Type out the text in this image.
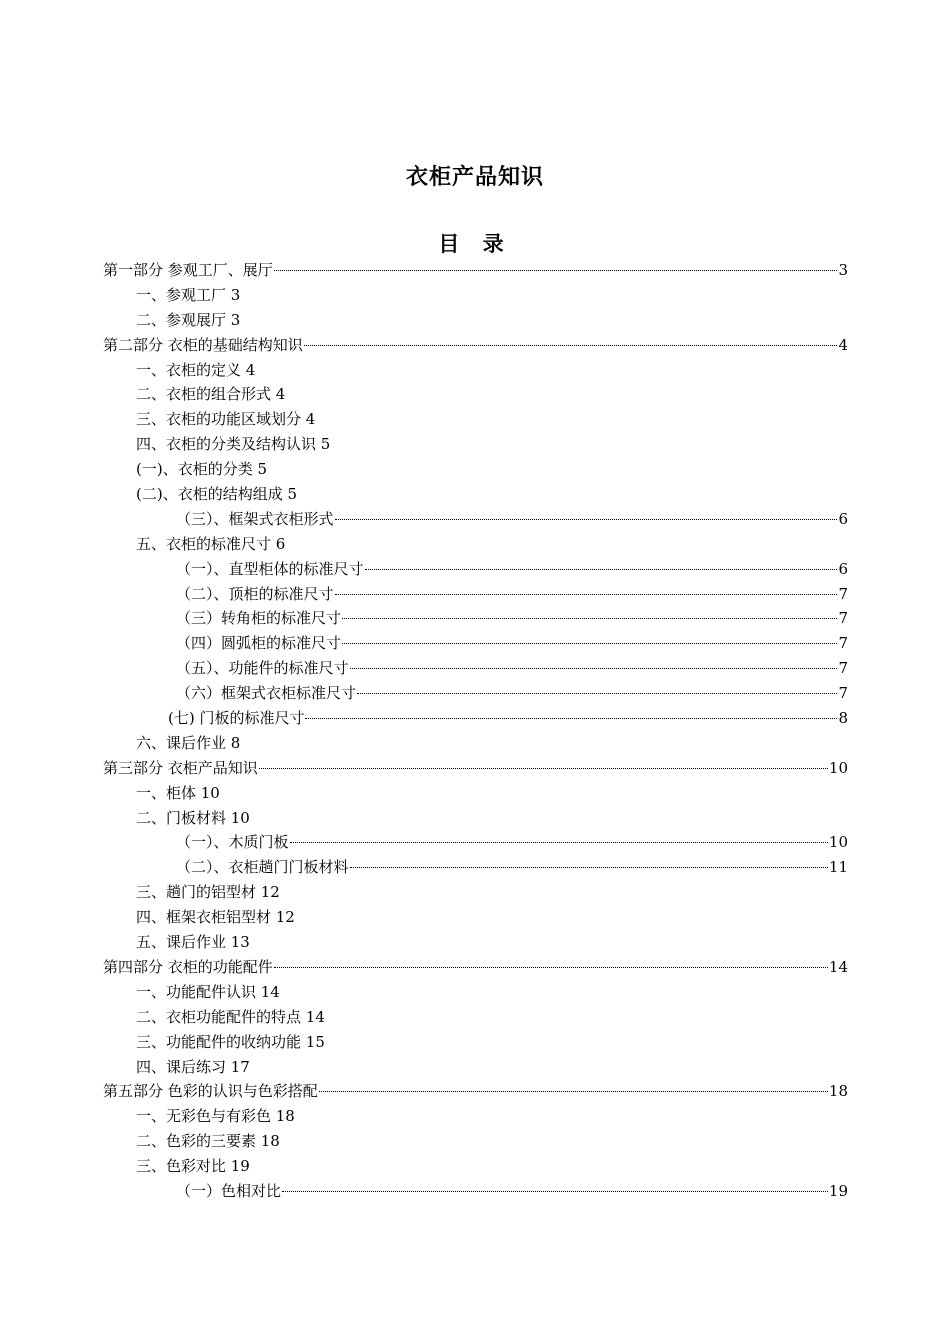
衣柜产品知识
目 录
第一部分 参观工厂、展厅	3
一、参观工厂 3
二、参观展厅 3
第二部分 衣柜的基础结构知识	4
一、衣柜的定义 4
二、衣柜的组合形式 4
三、衣柜的功能区域划分 4
四、衣柜的分类及结构认识 5
(一)、衣柜的分类 5
(二)、衣柜的结构组成 5
（三）、框架式衣柜形式	6
五、衣柜的标准尺寸 6
（一）、直型柜体的标准尺寸	6
（二）、顶柜的标准尺寸	7
（三）转角柜的标准尺寸	7
（四）圆弧柜的标准尺寸	7
（五）、功能件的标准尺寸	7
（六）框架式衣柜标准尺寸	7
(七) 门板的标准尺寸	8
六、课后作业 8
第三部分 衣柜产品知识	10
一、柜体 10
二、门板材料 10
（一）、木质门板	10
（二）、衣柜趟门门板材料	11
三、趟门的铝型材 12
四、框架衣柜铝型材 12
五、课后作业 13
第四部分 衣柜的功能配件	14
一、功能配件认识 14
二、衣柜功能配件的特点 14
三、功能配件的收纳功能 15
四、课后练习 17
第五部分 色彩的认识与色彩搭配	18
一、无彩色与有彩色 18
二、色彩的三要素 18
三、色彩对比 19
（一）色相对比	19
